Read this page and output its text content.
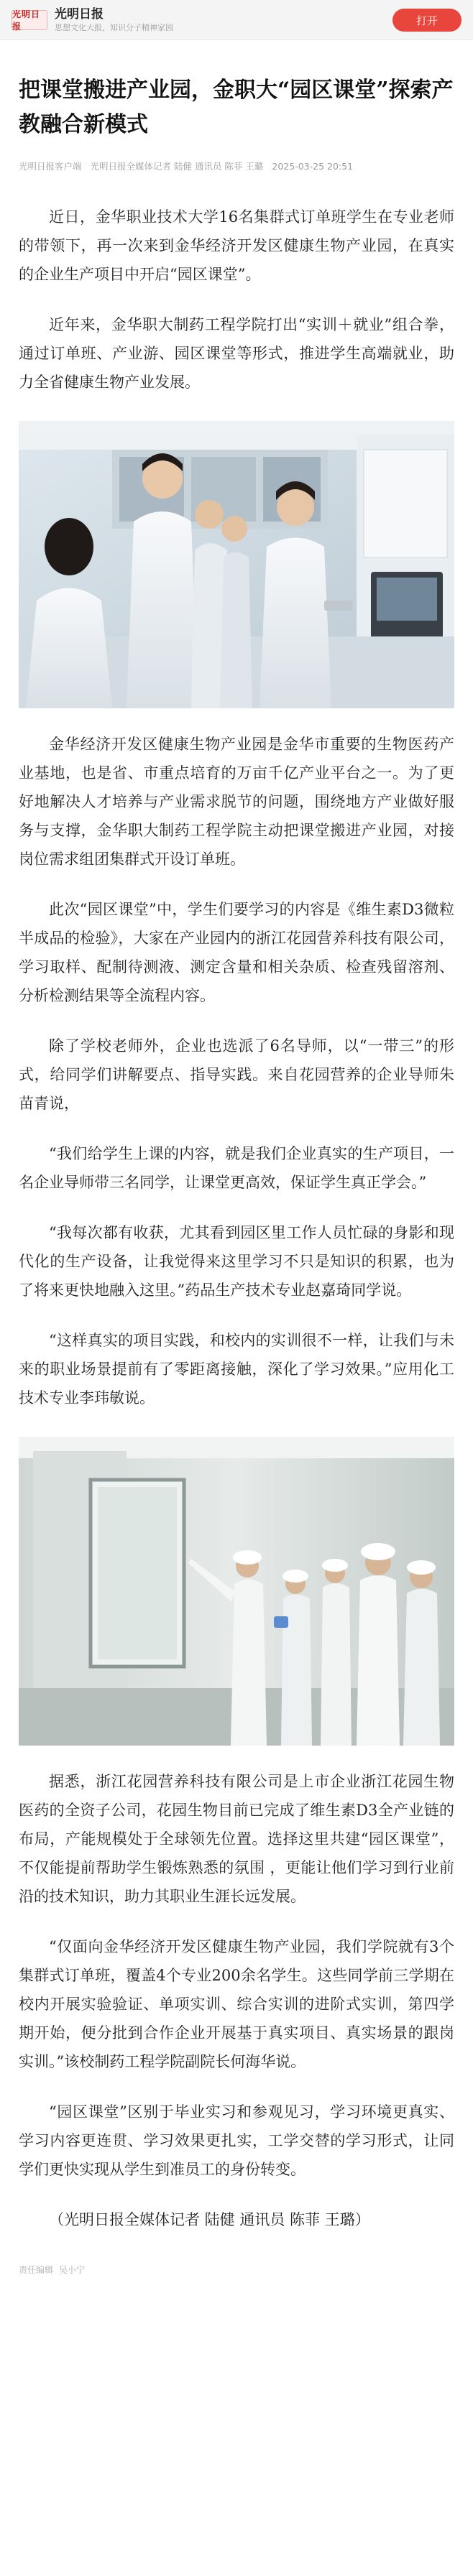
光明日报
光明日报
思想文化大报，知识分子精神家园
打开
把课堂搬进产业园，金职大“园区课堂”探索产教融合新模式
光明日报客户端 光明日报全媒体记者 陆健 通讯员 陈菲 王璐 2025-03-25 20:51

近日，金华职业技术大学16名集群式订单班学生在专业老师的带领下，再一次来到金华经济开发区健康生物产业园，在真实的企业生产项目中开启“园区课堂”。

近年来，金华职大制药工程学院打出“实训＋就业”组合拳，通过订单班、产业游、园区课堂等形式，推进学生高端就业，助力全省健康生物产业发展。

金华经济开发区健康生物产业园是金华市重要的生物医药产业基地，也是省、市重点培育的万亩千亿产业平台之一。为了更好地解决人才培养与产业需求脱节的问题，围绕地方产业做好服务与支撑，金华职大制药工程学院主动把课堂搬进产业园，对接岗位需求组团集群式开设订单班。

此次“园区课堂”中，学生们要学习的内容是《维生素D3微粒半成品的检验》，大家在产业园内的浙江花园营养科技有限公司，学习取样、配制待测液、测定含量和相关杂质、检查残留溶剂、分析检测结果等全流程内容。

除了学校老师外，企业也选派了6名导师，以“一带三”的形式，给同学们讲解要点、指导实践。来自花园营养的企业导师朱苗青说，

“我们给学生上课的内容，就是我们企业真实的生产项目，一名企业导师带三名同学，让课堂更高效，保证学生真正学会。”

“我每次都有收获，尤其看到园区里工作人员忙碌的身影和现代化的生产设备，让我觉得来这里学习不只是知识的积累，也为了将来更快地融入这里。”药品生产技术专业赵嘉琦同学说。

“这样真实的项目实践，和校内的实训很不一样，让我们与未来的职业场景提前有了零距离接触，深化了学习效果。”应用化工技术专业李玮敏说。

据悉，浙江花园营养科技有限公司是上市企业浙江花园生物医药的全资子公司，花园生物目前已完成了维生素D3全产业链的布局，产能规模处于全球领先位置。选择这里共建“园区课堂”，不仅能提前帮助学生锻炼熟悉的氛围 ，更能让他们学习到行业前沿的技术知识，助力其职业生涯长远发展。

“仅面向金华经济开发区健康生物产业园，我们学院就有3个集群式订单班，覆盖4个专业200余名学生。这些同学前三学期在校内开展实验验证、单项实训、综合实训的进阶式实训，第四学期开始，便分批到合作企业开展基于真实项目、真实场景的跟岗实训。”该校制药工程学院副院长何海华说。

“园区课堂”区别于毕业实习和参观见习，学习环境更真实、学习内容更连贯、学习效果更扎实，工学交替的学习形式，让同学们更快实现从学生到准员工的身份转变。

（光明日报全媒体记者 陆健 通讯员 陈菲 王璐）

责任编辑 吴小宁
